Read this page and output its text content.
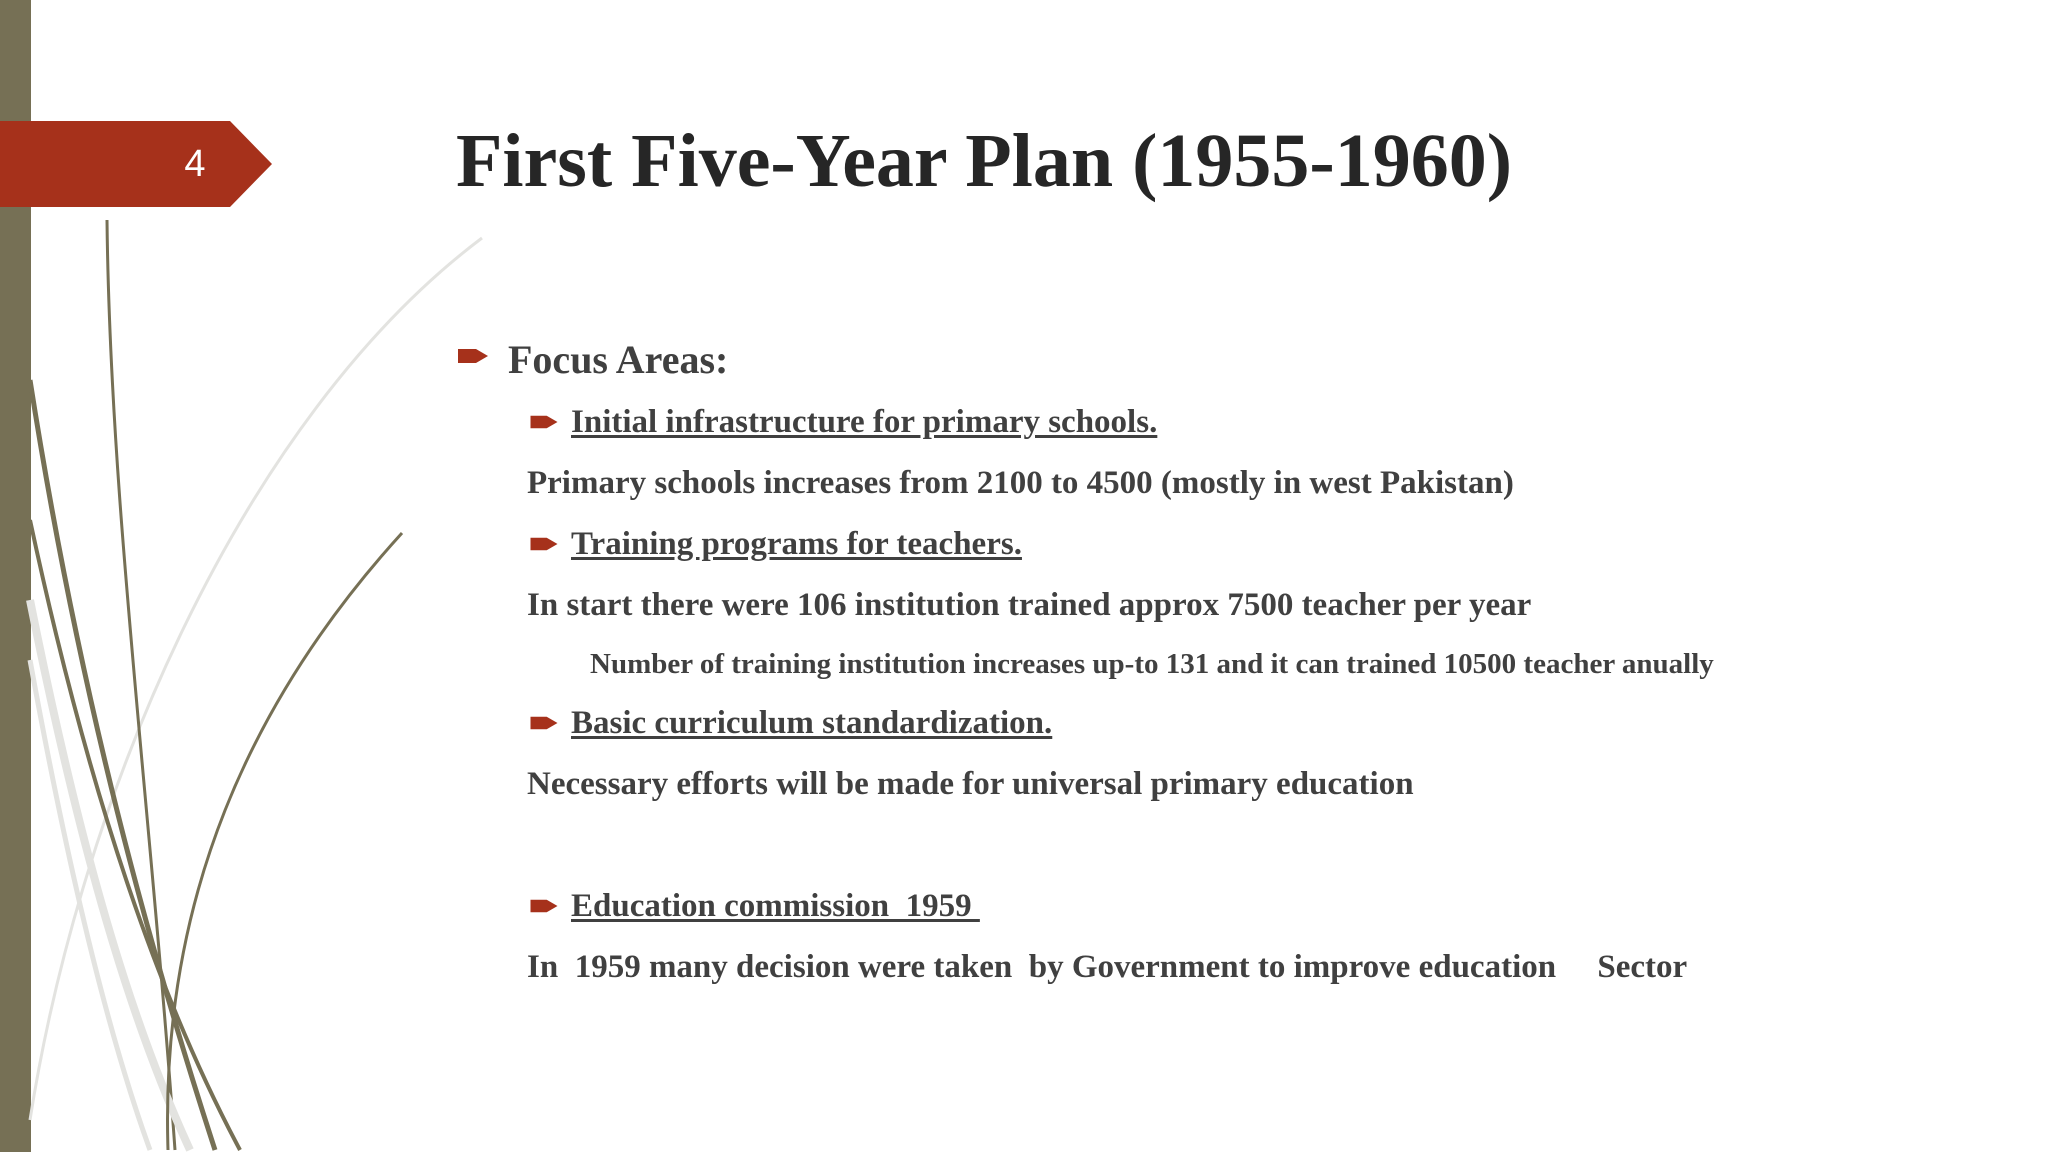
4	First Five-Year Plan (1955-1960)

Focus Areas:

Initial infrastructure for primary schools.

Primary schools increases from 2100 to 4500 (mostly in west Pakistan)

Training programs for teachers.

In start there were 106 institution trained approx 7500 teacher per year

Number of training institution increases up-to 131 and it can trained 10500 teacher anually

Basic curriculum standardization.

Necessary efforts will be made for universal primary education

Education commission  1959

In  1959 many decision were taken  by Government to improve education     Sector
